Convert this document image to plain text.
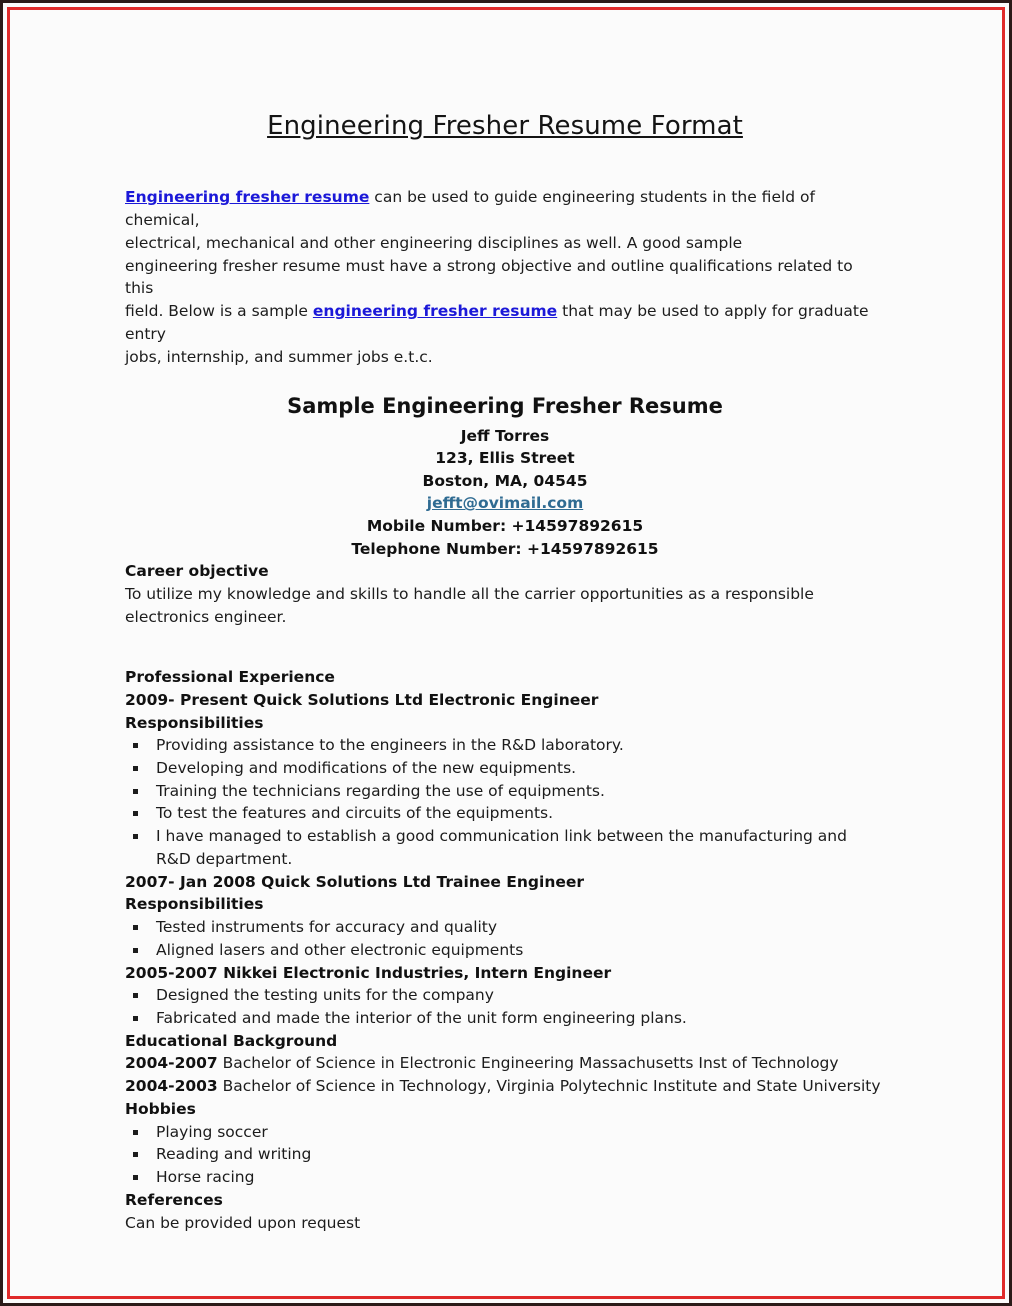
Engineering Fresher Resume Format

Engineering fresher resume can be used to guide engineering students in the field of chemical,
electrical, mechanical and other engineering disciplines as well. A good sample
engineering fresher resume must have a strong objective and outline qualifications related to this
field. Below is a sample engineering fresher resume that may be used to apply for graduate entry
jobs, internship, and summer jobs e.t.c.

Sample Engineering Fresher Resume
Jeff Torres
123, Ellis Street
Boston, MA, 04545
jefft@ovimail.com
Mobile Number: +14597892615
Telephone Number: +14597892615
Career objective

To utilize my knowledge and skills to handle all the carrier opportunities as a responsible electronics engineer.

Professional Experience
2009- Present Quick Solutions Ltd Electronic Engineer
Responsibilities
Providing assistance to the engineers in the R&D laboratory.
Developing and modifications of the new equipments.
Training the technicians regarding the use of equipments.
To test the features and circuits of the equipments.
I have managed to establish a good communication link between the manufacturing and R&D department.
2007- Jan 2008 Quick Solutions Ltd Trainee Engineer
Responsibilities
Tested instruments for accuracy and quality
Aligned lasers and other electronic equipments
2005-2007 Nikkei Electronic Industries, Intern Engineer
Designed the testing units for the company
Fabricated and made the interior of the unit form engineering plans.
Educational Background

2004-2007 Bachelor of Science in Electronic Engineering Massachusetts Inst of Technology

2004-2003 Bachelor of Science in Technology, Virginia Polytechnic Institute and State University

Hobbies
Playing soccer
Reading and writing
Horse racing
References

Can be provided upon request
